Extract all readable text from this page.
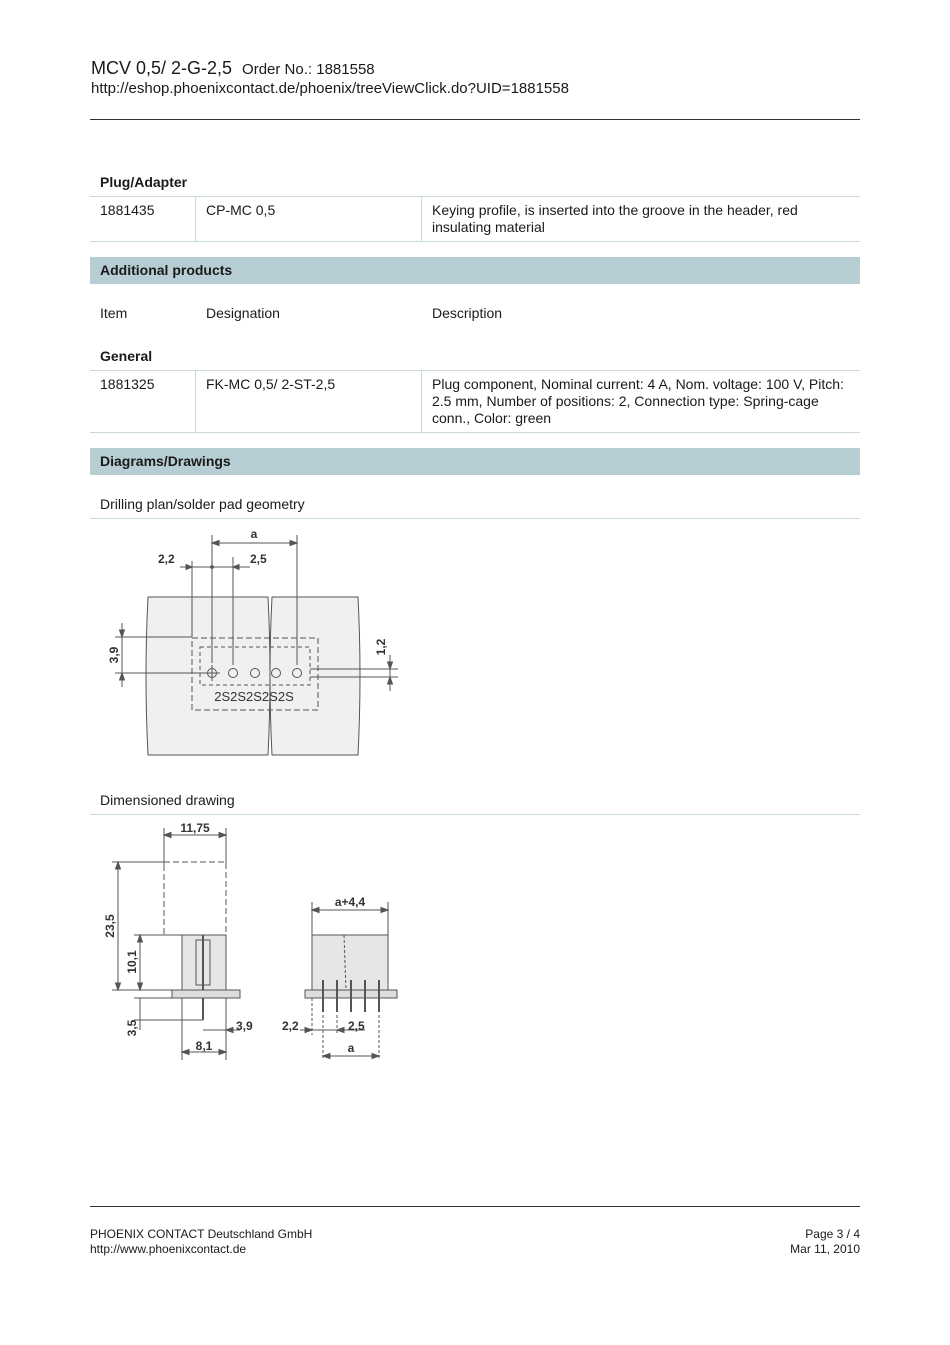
MCV 0,5/ 2-G-2,5 Order No.: 1881558
http://eshop.phoenixcontact.de/phoenix/treeViewClick.do?UID=1881558
Plug/Adapter
1881435	CP-MC 0,5	Keying profile, is inserted into the groove in the header, red insulating material
Additional products
Item	Designation	Description
General
1881325	FK-MC 0,5/ 2-ST-2,5	Plug component, Nominal current: 4 A, Nom. voltage: 100 V, Pitch: 2.5 mm, Number of positions: 2, Connection type: Spring-cage conn., Color: green
Diagrams/Drawings
Drilling plan/solder pad geometry
a
2,2	2,5
3,9	1,2
2S2S2S2S2S
Dimensioned drawing
11,75
23,5
10,1
3,5	3,9
8,1
a+4,4
2,2	2,5
a
PHOENIX CONTACT Deutschland GmbH
http://www.phoenixcontact.de
Page 3 / 4
Mar 11, 2010
